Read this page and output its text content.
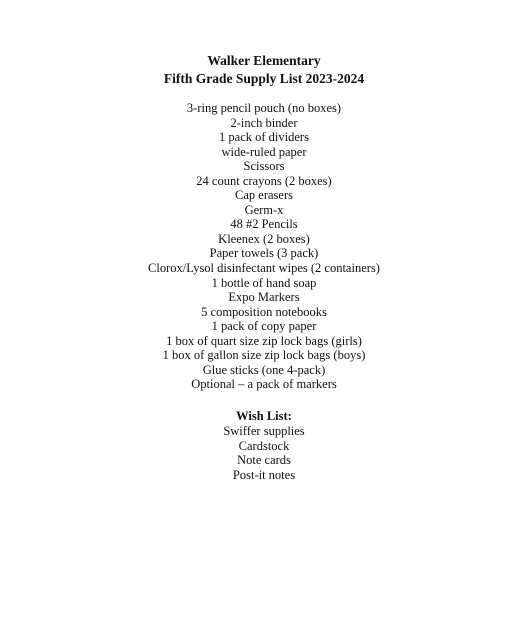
Walker Elementary
Fifth Grade Supply List 2023-2024
3-ring pencil pouch (no boxes)
2-inch binder
1 pack of dividers
wide-ruled paper
Scissors
24 count crayons (2 boxes)
Cap erasers
Germ-x
48 #2 Pencils
Kleenex (2 boxes)
Paper towels (3 pack)
Clorox/Lysol disinfectant wipes (2 containers)
1 bottle of hand soap
Expo Markers
5 composition notebooks
1 pack of copy paper
1 box of quart size zip lock bags (girls)
1 box of gallon size zip lock bags (boys)
Glue sticks (one 4-pack)
Optional – a pack of markers
Wish List:
Swiffer supplies
Cardstock
Note cards
Post-it notes
